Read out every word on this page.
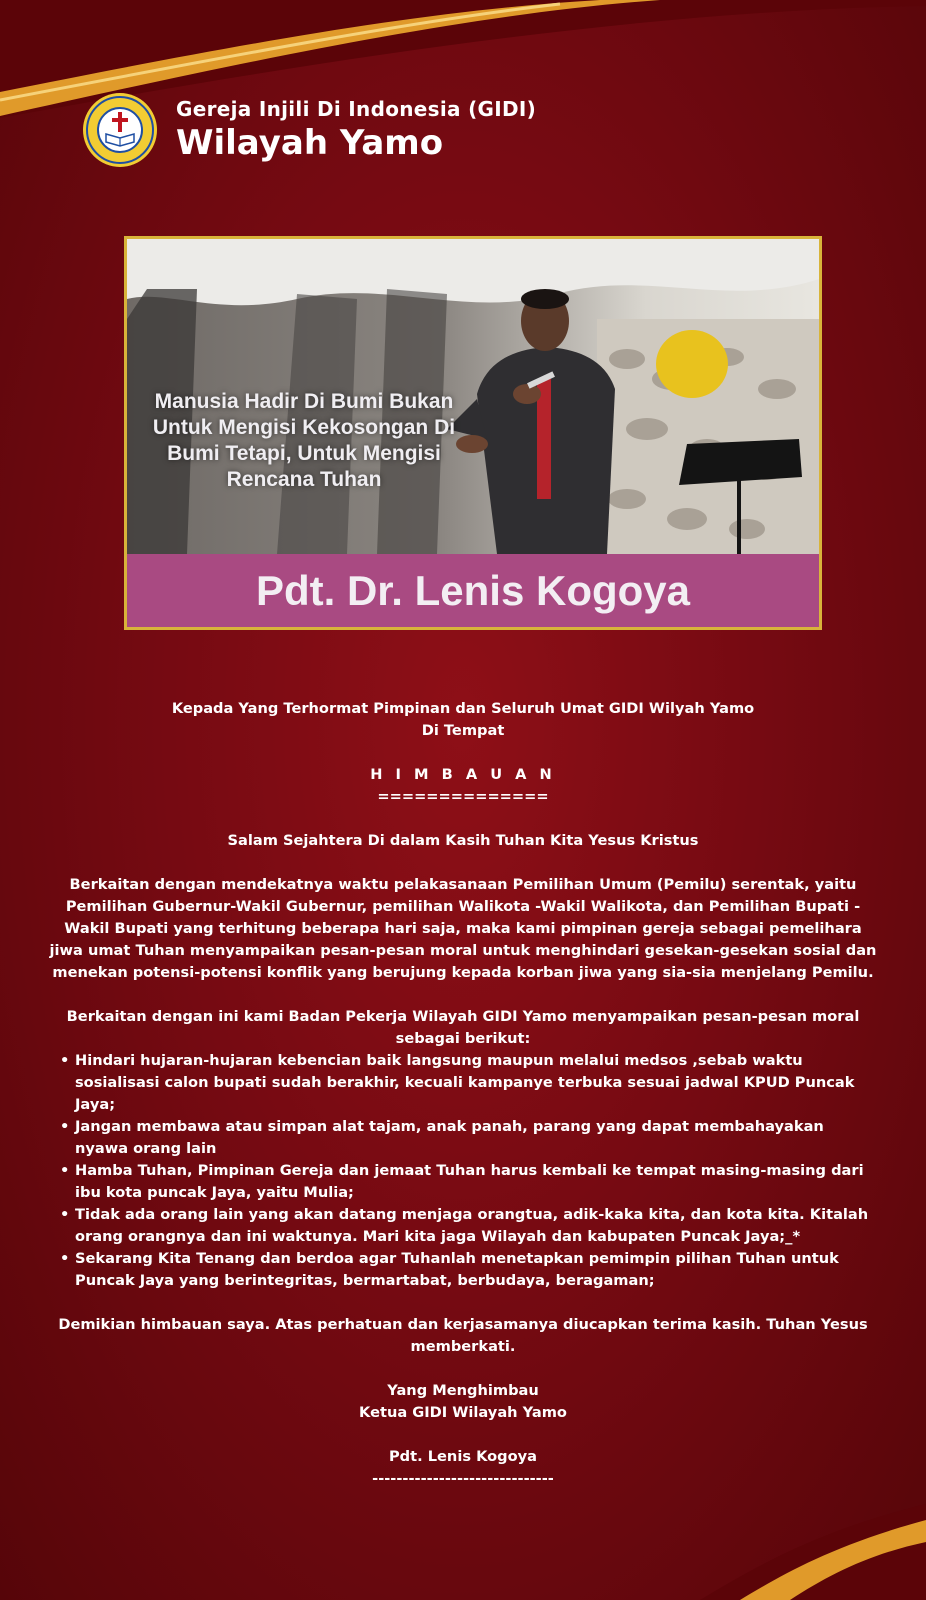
Gereja Injili Di Indonesia (GIDI)
Wilayah Yamo
Manusia Hadir Di Bumi Bukan Untuk Mengisi Kekosongan Di Bumi Tetapi, Untuk Mengisi Rencana Tuhan
Pdt. Dr. Lenis Kogoya
Kepada Yang Terhormat Pimpinan dan Seluruh Umat GIDI Wilyah Yamo
Di Tempat
H I M B A U A N
==============
Salam Sejahtera Di dalam Kasih Tuhan Kita Yesus Kristus
Berkaitan dengan mendekatnya waktu pelakasanaan Pemilihan Umum (Pemilu) serentak, yaitu Pemilihan Gubernur-Wakil Gubernur, pemilihan Walikota -Wakil Walikota, dan Pemilihan Bupati -Wakil Bupati yang terhitung beberapa hari saja, maka kami pimpinan gereja sebagai pemelihara jiwa umat Tuhan menyampaikan pesan-pesan moral untuk menghindari gesekan-gesekan sosial dan menekan potensi-potensi konflik yang berujung kepada korban jiwa yang sia-sia menjelang Pemilu.
Berkaitan dengan ini kami Badan Pekerja Wilayah GIDI Yamo menyampaikan pesan-pesan moral sebagai berikut:
• Hindari hujaran-hujaran kebencian baik langsung maupun melalui medsos ,sebab waktu sosialisasi calon bupati sudah berakhir, kecuali kampanye terbuka sesuai jadwal KPUD Puncak Jaya;
• Jangan membawa atau simpan alat tajam, anak panah, parang yang dapat membahayakan nyawa orang lain
• Hamba Tuhan, Pimpinan Gereja dan jemaat Tuhan harus kembali ke tempat masing-masing dari ibu kota puncak Jaya, yaitu Mulia;
• Tidak ada orang lain yang akan datang menjaga orangtua, adik-kaka kita, dan kota kita. Kitalah orang orangnya dan ini waktunya. Mari kita jaga Wilayah dan kabupaten Puncak Jaya;_*
• Sekarang Kita Tenang dan berdoa agar Tuhanlah menetapkan pemimpin pilihan Tuhan untuk Puncak Jaya yang berintegritas, bermartabat, berbudaya, beragaman;
Demikian himbauan saya. Atas perhatuan dan kerjasamanya diucapkan terima kasih. Tuhan Yesus memberkati.
Yang Menghimbau
Ketua GIDI Wilayah Yamo
Pdt. Lenis Kogoya
------------------------------
